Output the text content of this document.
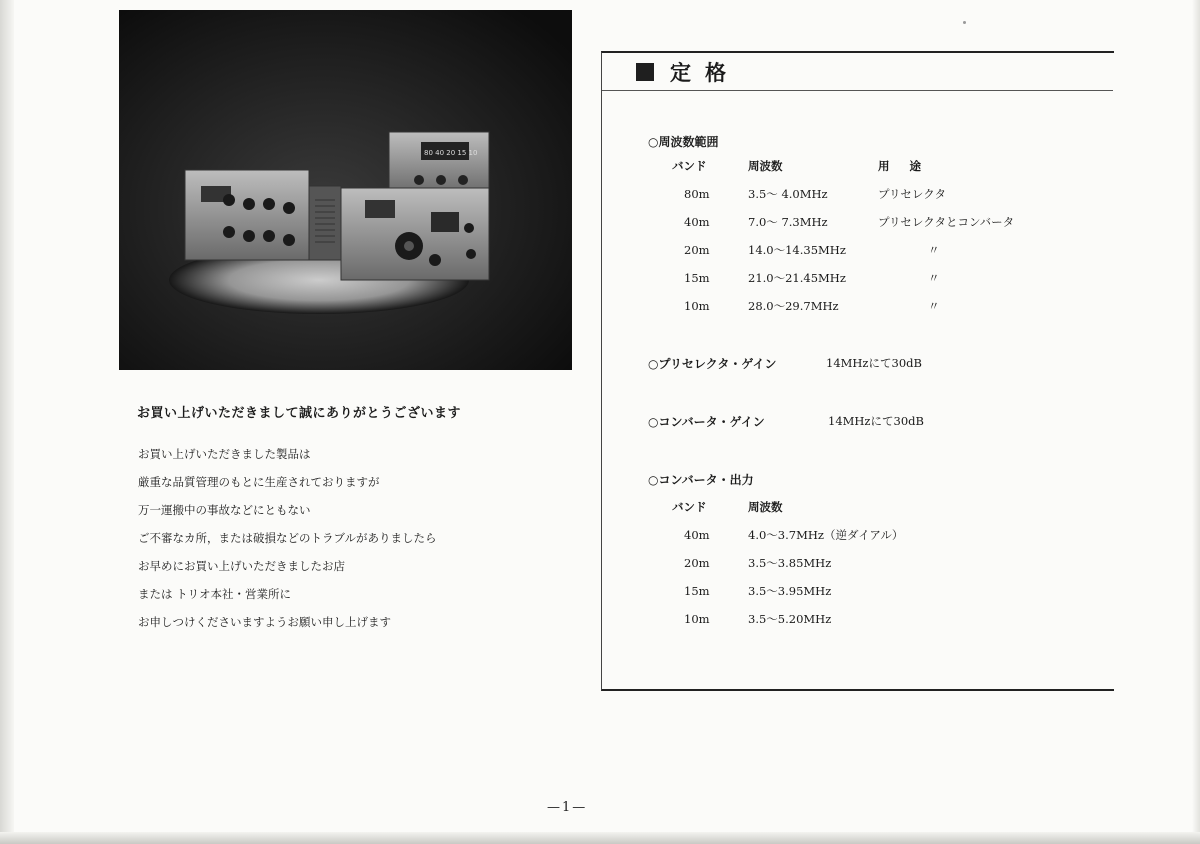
80 40 20 15 10
お買い上げいただきまして誠にありがとうございます
お買い上げいただきました製品は
厳重な品質管理のもとに生産されておりますが
万一運搬中の事故などにともない
ご不審なカ所，または破損などのトラブルがありましたら
お早めにお買い上げいただきましたお店
または トリオ本社・営業所に
お申しつけくださいますようお願い申し上げます
定格
○周波数範囲
バンド	周波数	用途
80m	3.5～ 4.0MHz	プリセレクタ
40m	7.0～ 7.3MHz	プリセレクタとコンバータ
20m	14.0～14.35MHz	〃
15m	21.0～21.45MHz	〃
10m	28.0～29.7MHz	〃
○プリセレクタ・ゲイン	14MHzにて30dB
○コンバータ・ゲイン	14MHzにて30dB
○コンバータ・出力
バンド	周波数
40m	4.0～3.7MHz（逆ダイアル）
20m	3.5～3.85MHz
15m	3.5～3.95MHz
10m	3.5～5.20MHz
—1—
